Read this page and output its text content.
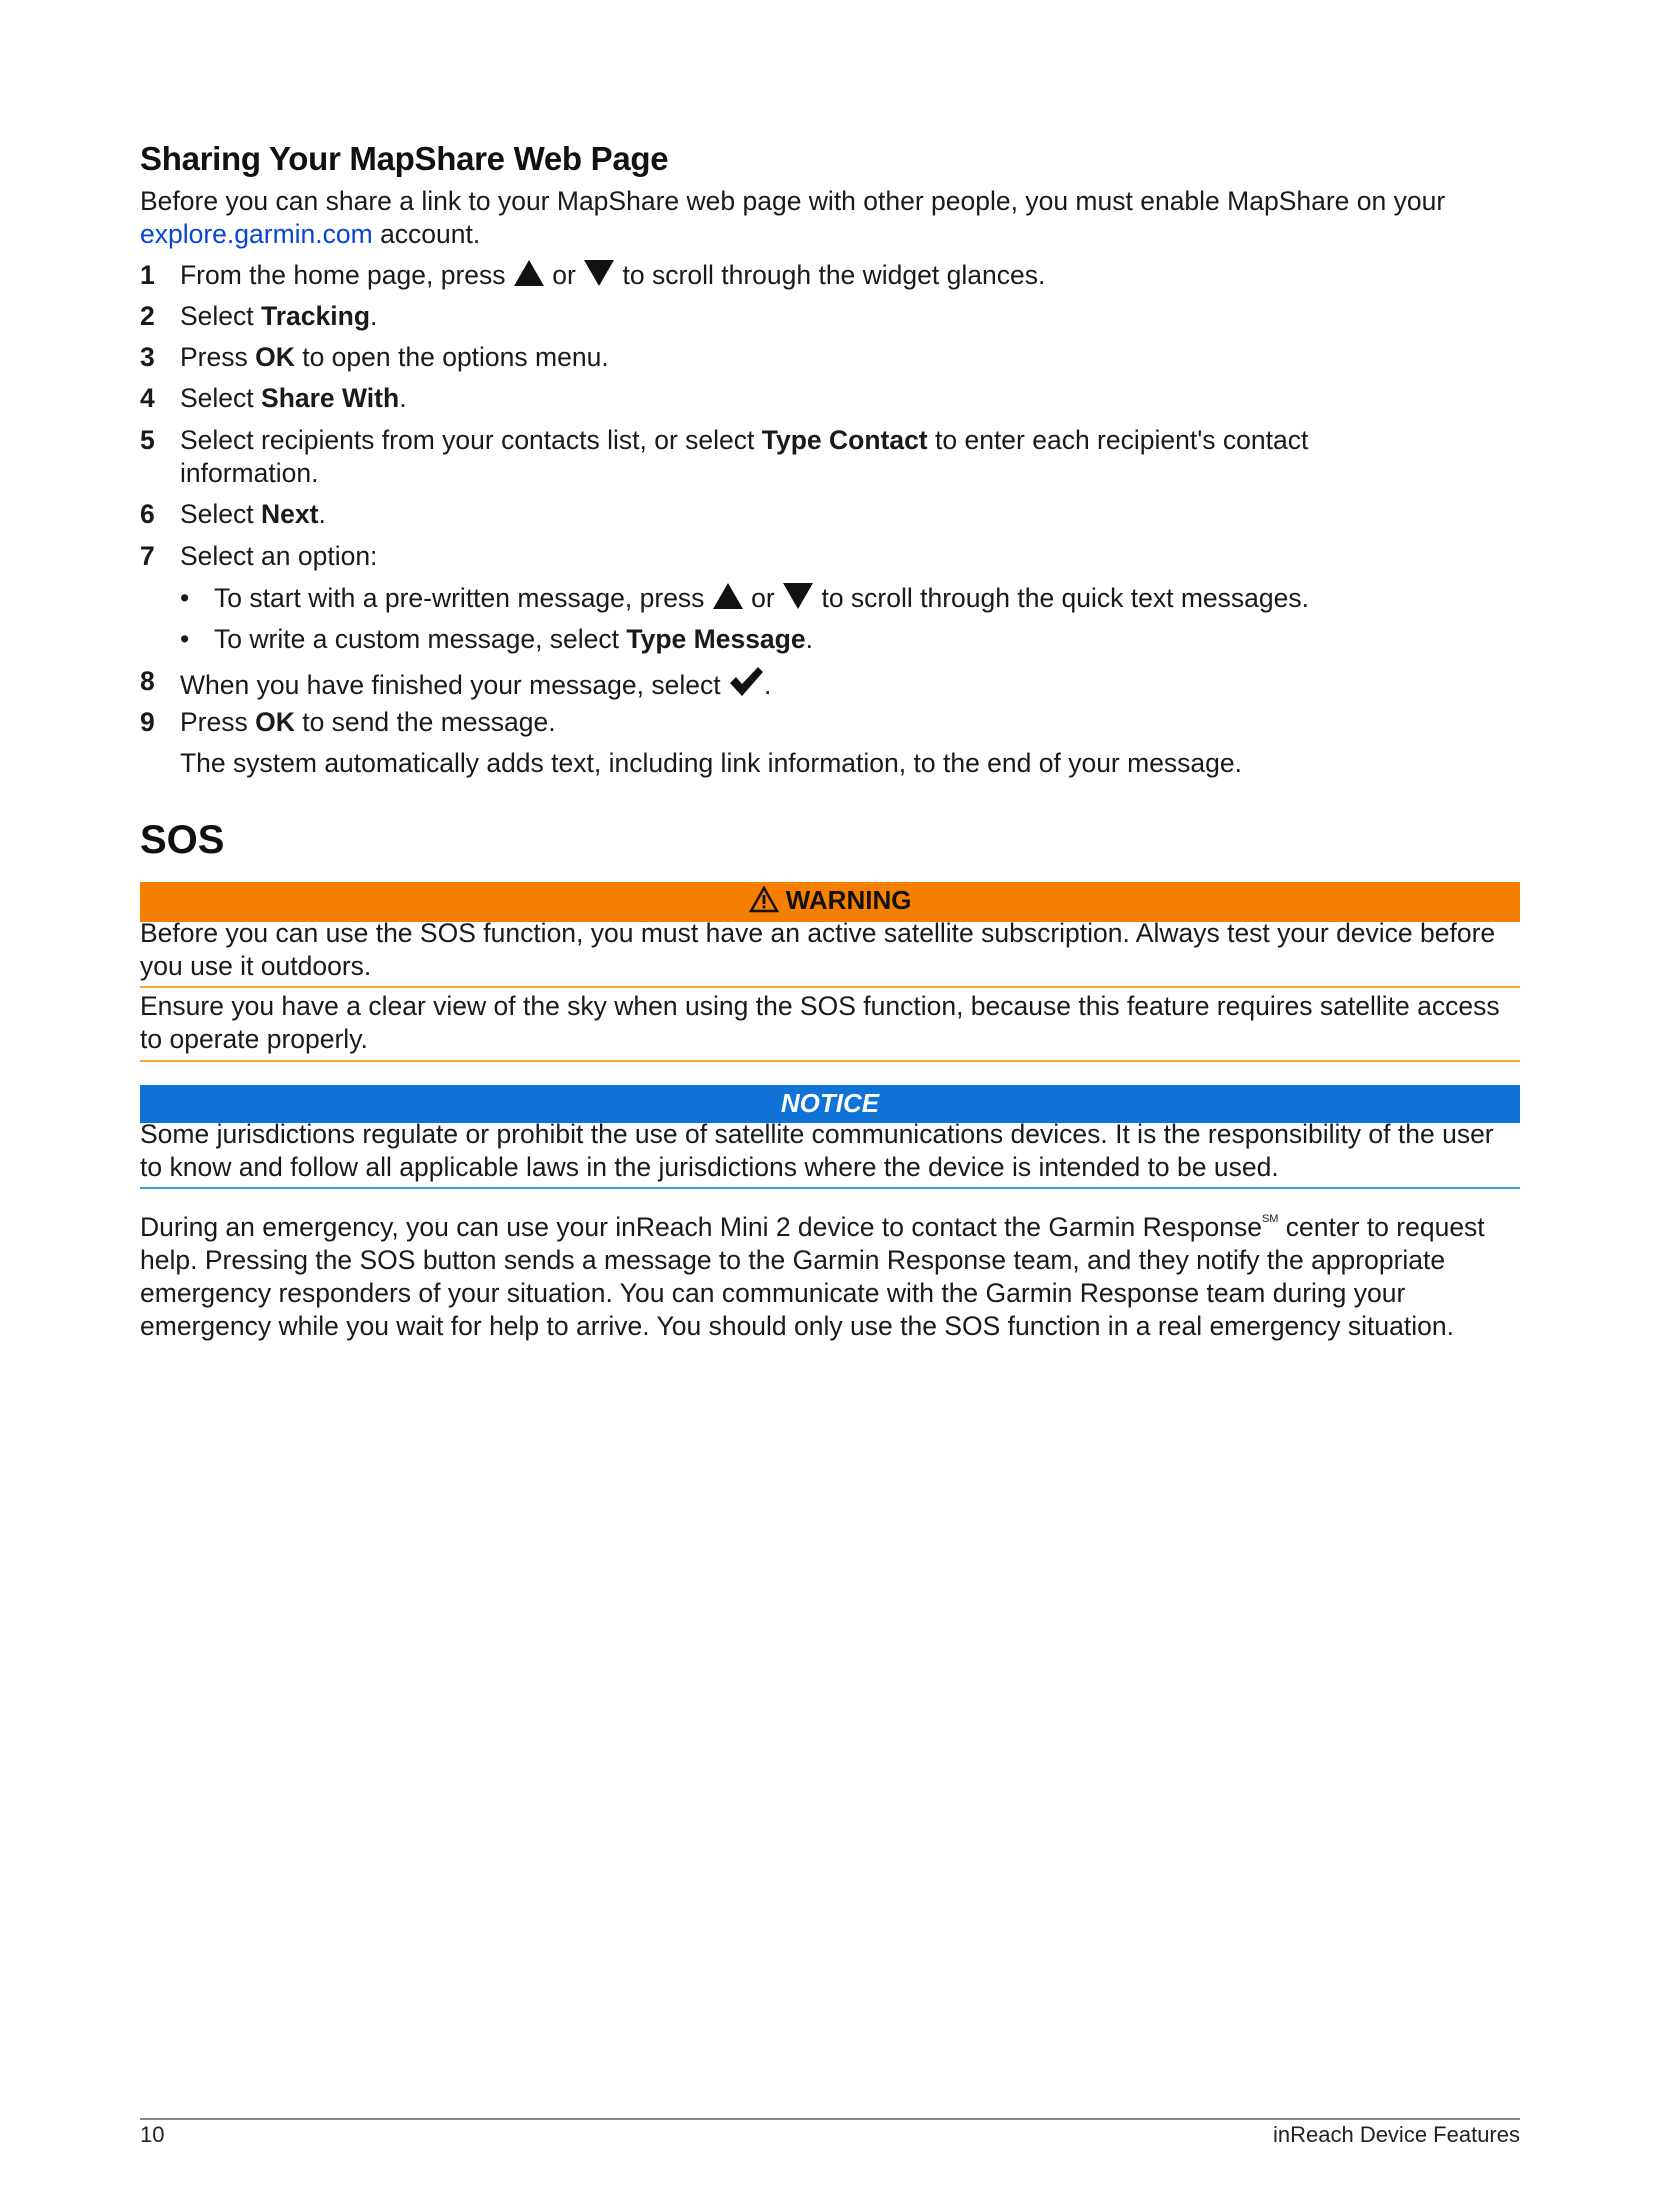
Sharing Your MapShare Web Page

Before you can share a link to your MapShare web page with other people, you must enable MapShare on your explore.garmin.com account.

1 From the home page, press  or  to scroll through the widget glances.
2 Select Tracking.
3 Press OK to open the options menu.
4 Select Share With.
5 Select recipients from your contacts list, or select Type Contact to enter each recipient's contact information.
6 Select Next.
7 Select an option:
• To start with a pre-written message, press  or  to scroll through the quick text messages.
• To write a custom message, select Type Message.
8 When you have finished your message, select .
9 Press OK to send the message.
The system automatically adds text, including link information, to the end of your message.
SOS
WARNING

Before you can use the SOS function, you must have an active satellite subscription. Always test your device before you use it outdoors.

Ensure you have a clear view of the sky when using the SOS function, because this feature requires satellite access to operate properly.

NOTICE

Some jurisdictions regulate or prohibit the use of satellite communications devices. It is the responsibility of the user to know and follow all applicable laws in the jurisdictions where the device is intended to be used.

During an emergency, you can use your inReach Mini 2 device to contact the Garmin Response℠ center to request help. Pressing the SOS button sends a message to the Garmin Response team, and they notify the appropriate emergency responders of your situation. You can communicate with the Garmin Response team during your emergency while you wait for help to arrive. You should only use the SOS function in a real emergency situation.

10	inReach Device Features
